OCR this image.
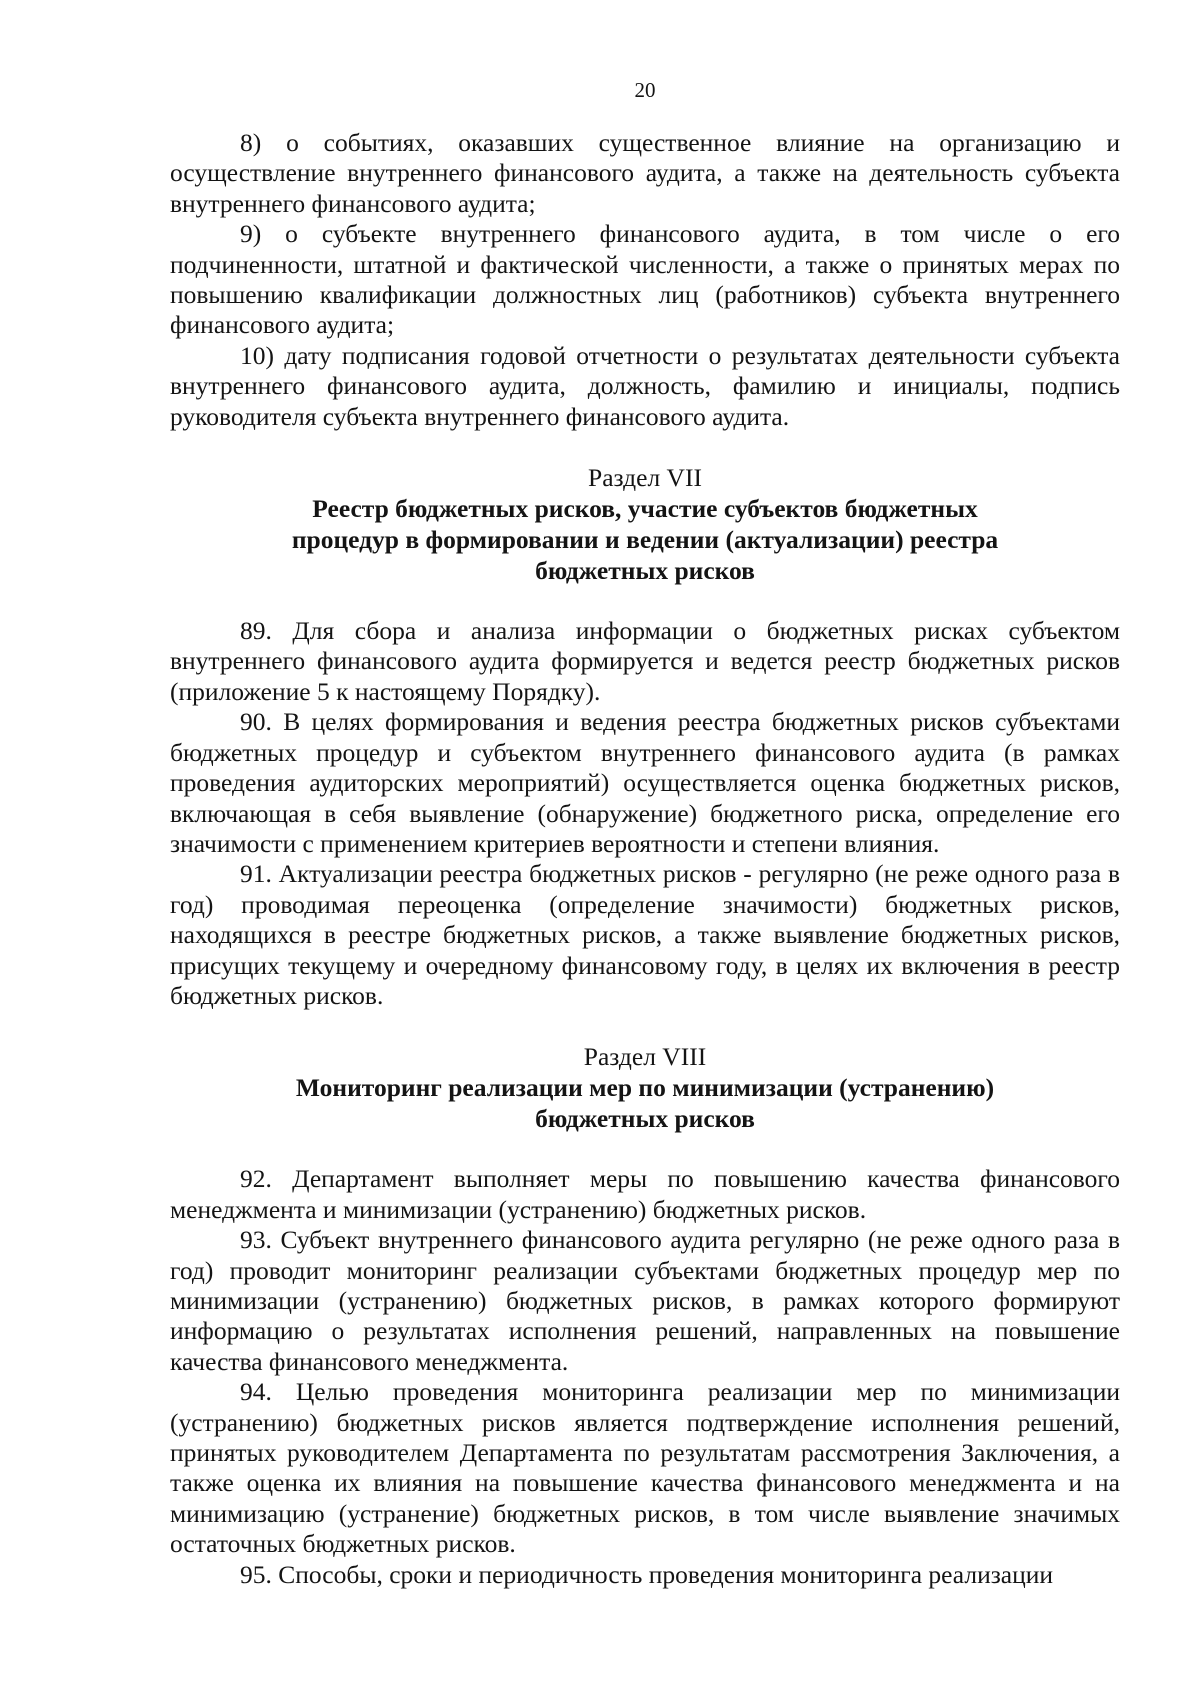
20

8) о событиях, оказавших существенное влияние на организацию и осуществление внутреннего финансового аудита, а также на деятельность субъекта внутреннего финансового аудита;

9) о субъекте внутреннего финансового аудита, в том числе о его подчиненности, штатной и фактической численности, а также о принятых мерах по повышению квалификации должностных лиц (работников) субъекта внутреннего финансового аудита;

10) дату подписания годовой отчетности о результатах деятельности субъекта внутреннего финансового аудита, должность, фамилию и инициалы, подпись руководителя субъекта внутреннего финансового аудита.

Раздел VII

Реестр бюджетных рисков, участие субъектов бюджетных

процедур в формировании и ведении (актуализации) реестра

бюджетных рисков

89. Для сбора и анализа информации о бюджетных рисках субъектом внутреннего финансового аудита формируется и ведется реестр бюджетных рисков (приложение 5 к настоящему Порядку).

90. В целях формирования и ведения реестра бюджетных рисков субъектами бюджетных процедур и субъектом внутреннего финансового аудита (в рамках проведения аудиторских мероприятий) осуществляется оценка бюджетных рисков, включающая в себя выявление (обнаружение) бюджетного риска, определение его значимости с применением критериев вероятности и степени влияния.

91. Актуализации реестра бюджетных рисков - регулярно (не реже одного раза в год) проводимая переоценка (определение значимости) бюджетных рисков, находящихся в реестре бюджетных рисков, а также выявление бюджетных рисков, присущих текущему и очередному финансовому году, в целях их включения в реестр бюджетных рисков.

Раздел VIII

Мониторинг реализации мер по минимизации (устранению)

бюджетных рисков

92. Департамент выполняет меры по повышению качества финансового менеджмента и минимизации (устранению) бюджетных рисков.

93. Субъект внутреннего финансового аудита регулярно (не реже одного раза в год) проводит мониторинг реализации субъектами бюджетных процедур мер по минимизации (устранению) бюджетных рисков, в рамках которого формируют информацию о результатах исполнения решений, направленных на повышение качества финансового менеджмента.

94. Целью проведения мониторинга реализации мер по минимизации (устранению) бюджетных рисков является подтверждение исполнения решений, принятых руководителем Департамента по результатам рассмотрения Заключения, а также оценка их влияния на повышение качества финансового менеджмента и на минимизацию (устранение) бюджетных рисков, в том числе выявление значимых остаточных бюджетных рисков.

95. Способы, сроки и периодичность проведения мониторинга реализации
